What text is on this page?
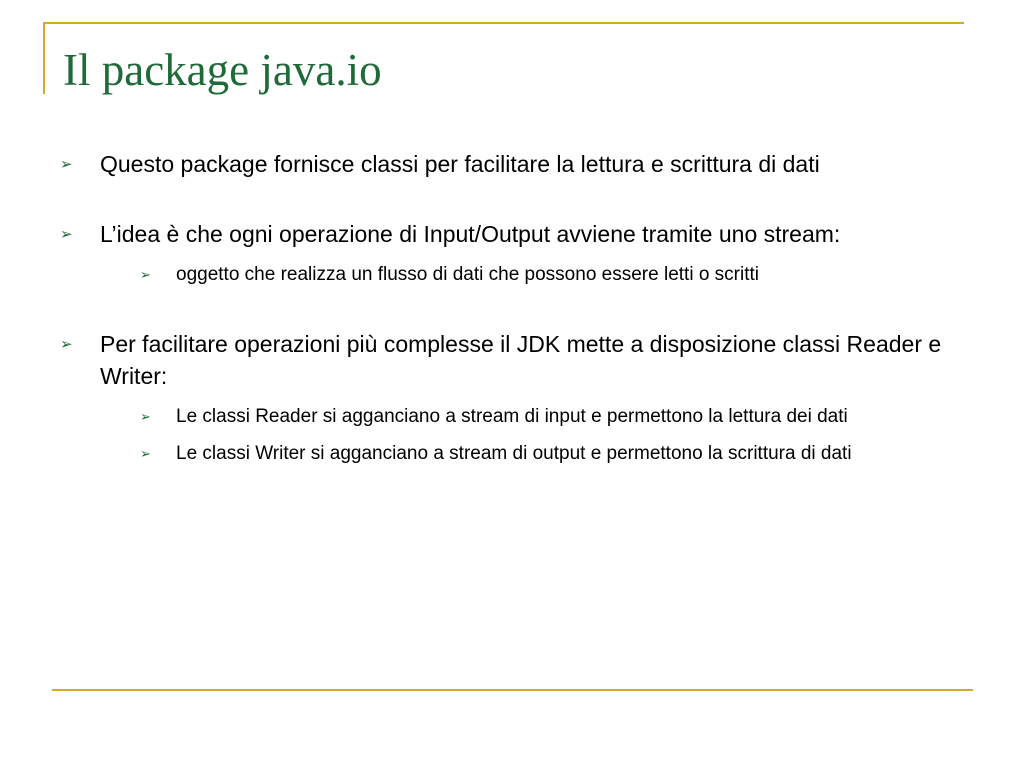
Il package java.io
➢ Questo package fornisce classi per facilitare la lettura e scrittura di dati
➢ L’idea è che ogni operazione di Input/Output avviene tramite uno stream:
➢ oggetto che realizza un flusso di dati che possono essere letti o scritti
➢ Per facilitare operazioni più complesse il JDK mette a disposizione classi Reader e Writer:
➢ Le classi Reader si agganciano a stream di input e permettono la lettura dei dati
➢ Le classi Writer si agganciano a stream di output e permettono la scrittura di dati
